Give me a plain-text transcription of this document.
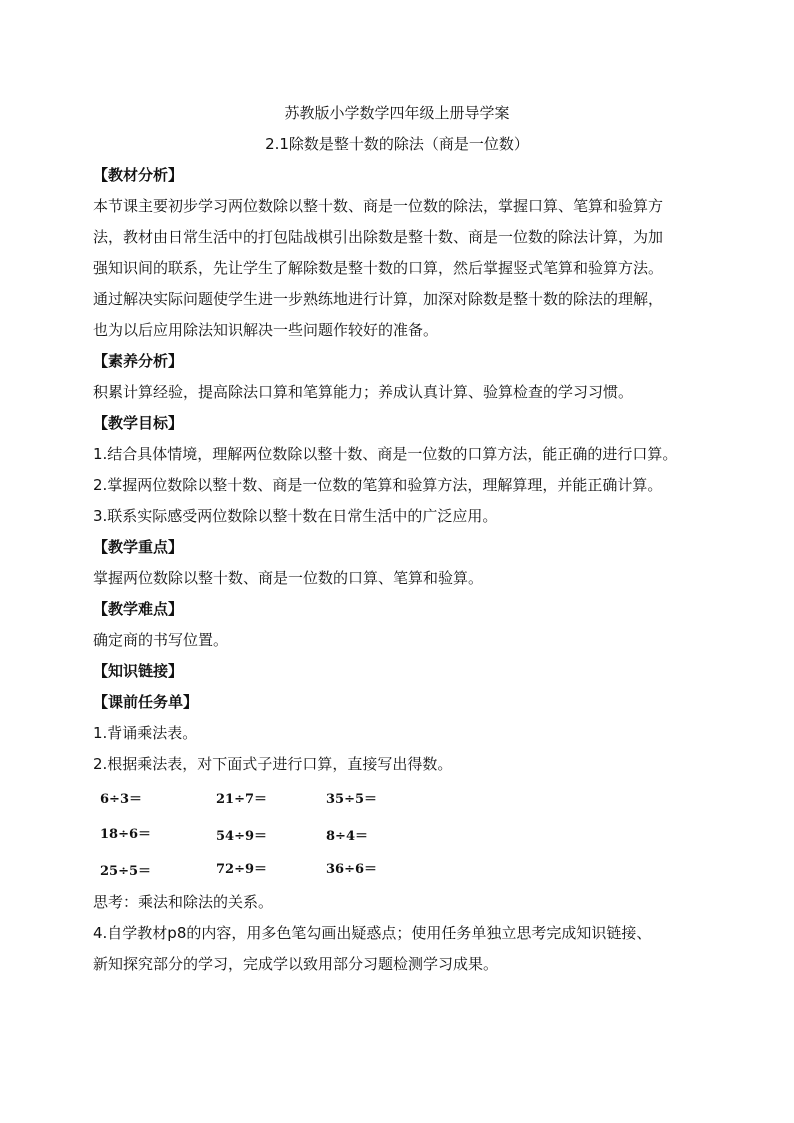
苏教版小学数学四年级上册导学案
2.1除数是整十数的除法（商是一位数）
【教材分析】
本节课主要初步学习两位数除以整十数、商是一位数的除法，掌握口算、笔算和验算方
法，教材由日常生活中的打包陆战棋引出除数是整十数、商是一位数的除法计算，为加
强知识间的联系，先让学生了解除数是整十数的口算，然后掌握竖式笔算和验算方法。
通过解决实际问题使学生进一步熟练地进行计算，加深对除数是整十数的除法的理解，
也为以后应用除法知识解决一些问题作较好的准备。
【素养分析】
积累计算经验，提高除法口算和笔算能力；养成认真计算、验算检查的学习习惯。
【教学目标】
1.结合具体情境，理解两位数除以整十数、商是一位数的口算方法，能正确的进行口算。
2.掌握两位数除以整十数、商是一位数的笔算和验算方法，理解算理，并能正确计算。
3.联系实际感受两位数除以整十数在日常生活中的广泛应用。
【教学重点】
掌握两位数除以整十数、商是一位数的口算、笔算和验算。
【教学难点】
确定商的书写位置。
【知识链接】
【课前任务单】
1.背诵乘法表。
2.根据乘法表，对下面式子进行口算，直接写出得数。
6÷3＝	21÷7＝	35÷5＝
18÷6＝	54÷9＝	8÷4＝
25÷5＝	72÷9＝	36÷6＝
思考：乘法和除法的关系。
4.自学教材p8的内容，用多色笔勾画出疑惑点；使用任务单独立思考完成知识链接、
新知探究部分的学习，完成学以致用部分习题检测学习成果。
